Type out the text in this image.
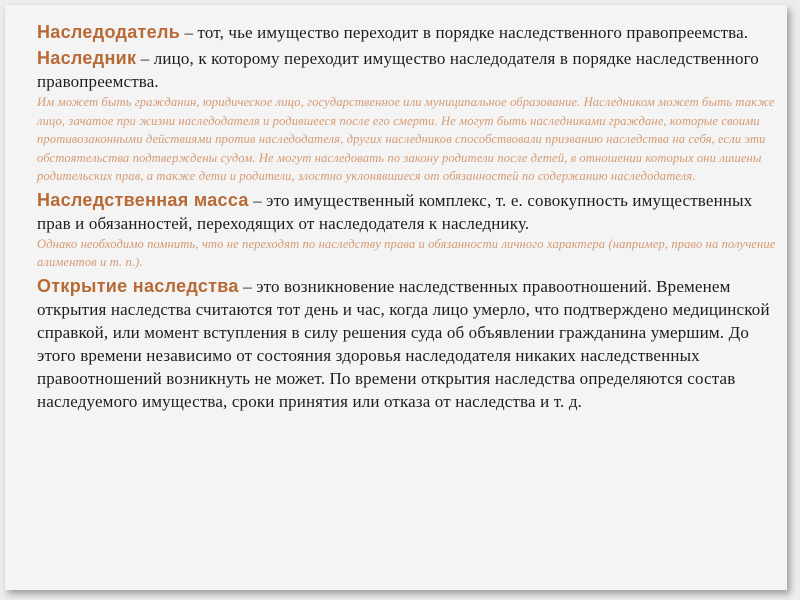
Наследодатель – тот, чье имущество переходит в порядке наследственного правопреемства.

Наследник – лицо, к которому переходит имущество наследодателя в порядке наследственного правопреемства.

Им может быть гражданин, юридическое лицо, государственное или муниципальное образование. Наследником может быть также лицо, зачатое при жизни наследодателя и родившееся после его смерти. Не могут быть наследниками граждане, которые своими противозаконными действиями против наследодателя, других наследников способствовали призванию наследства на себя, если эти обстоятельства подтверждены судом. Не могут наследовать по закону родители после детей, в отношении которых они лишены родительских прав, а также дети и родители, злостно уклонявшиеся от обязанностей по содержанию наследодателя.

Наследственная масса – это имущественный комплекс, т. е. совокупность имущественных прав и обязанностей, переходящих от наследодателя к наследнику.

Однако необходимо помнить, что не переходят по наследству права и обязанности личного характера (например, право на получение алиментов и т. п.).

Открытие наследства – это возникновение наследственных правоотношений. Временем открытия наследства считаются тот день и час, когда лицо умерло, что подтверждено медицинской справкой, или момент вступления в силу решения суда об объявлении гражданина умершим. До этого времени независимо от состояния здоровья наследодателя никаких наследственных правоотношений возникнуть не может. По времени открытия наследства определяются состав наследуемого имущества, сроки принятия или отказа от наследства и т. д.
